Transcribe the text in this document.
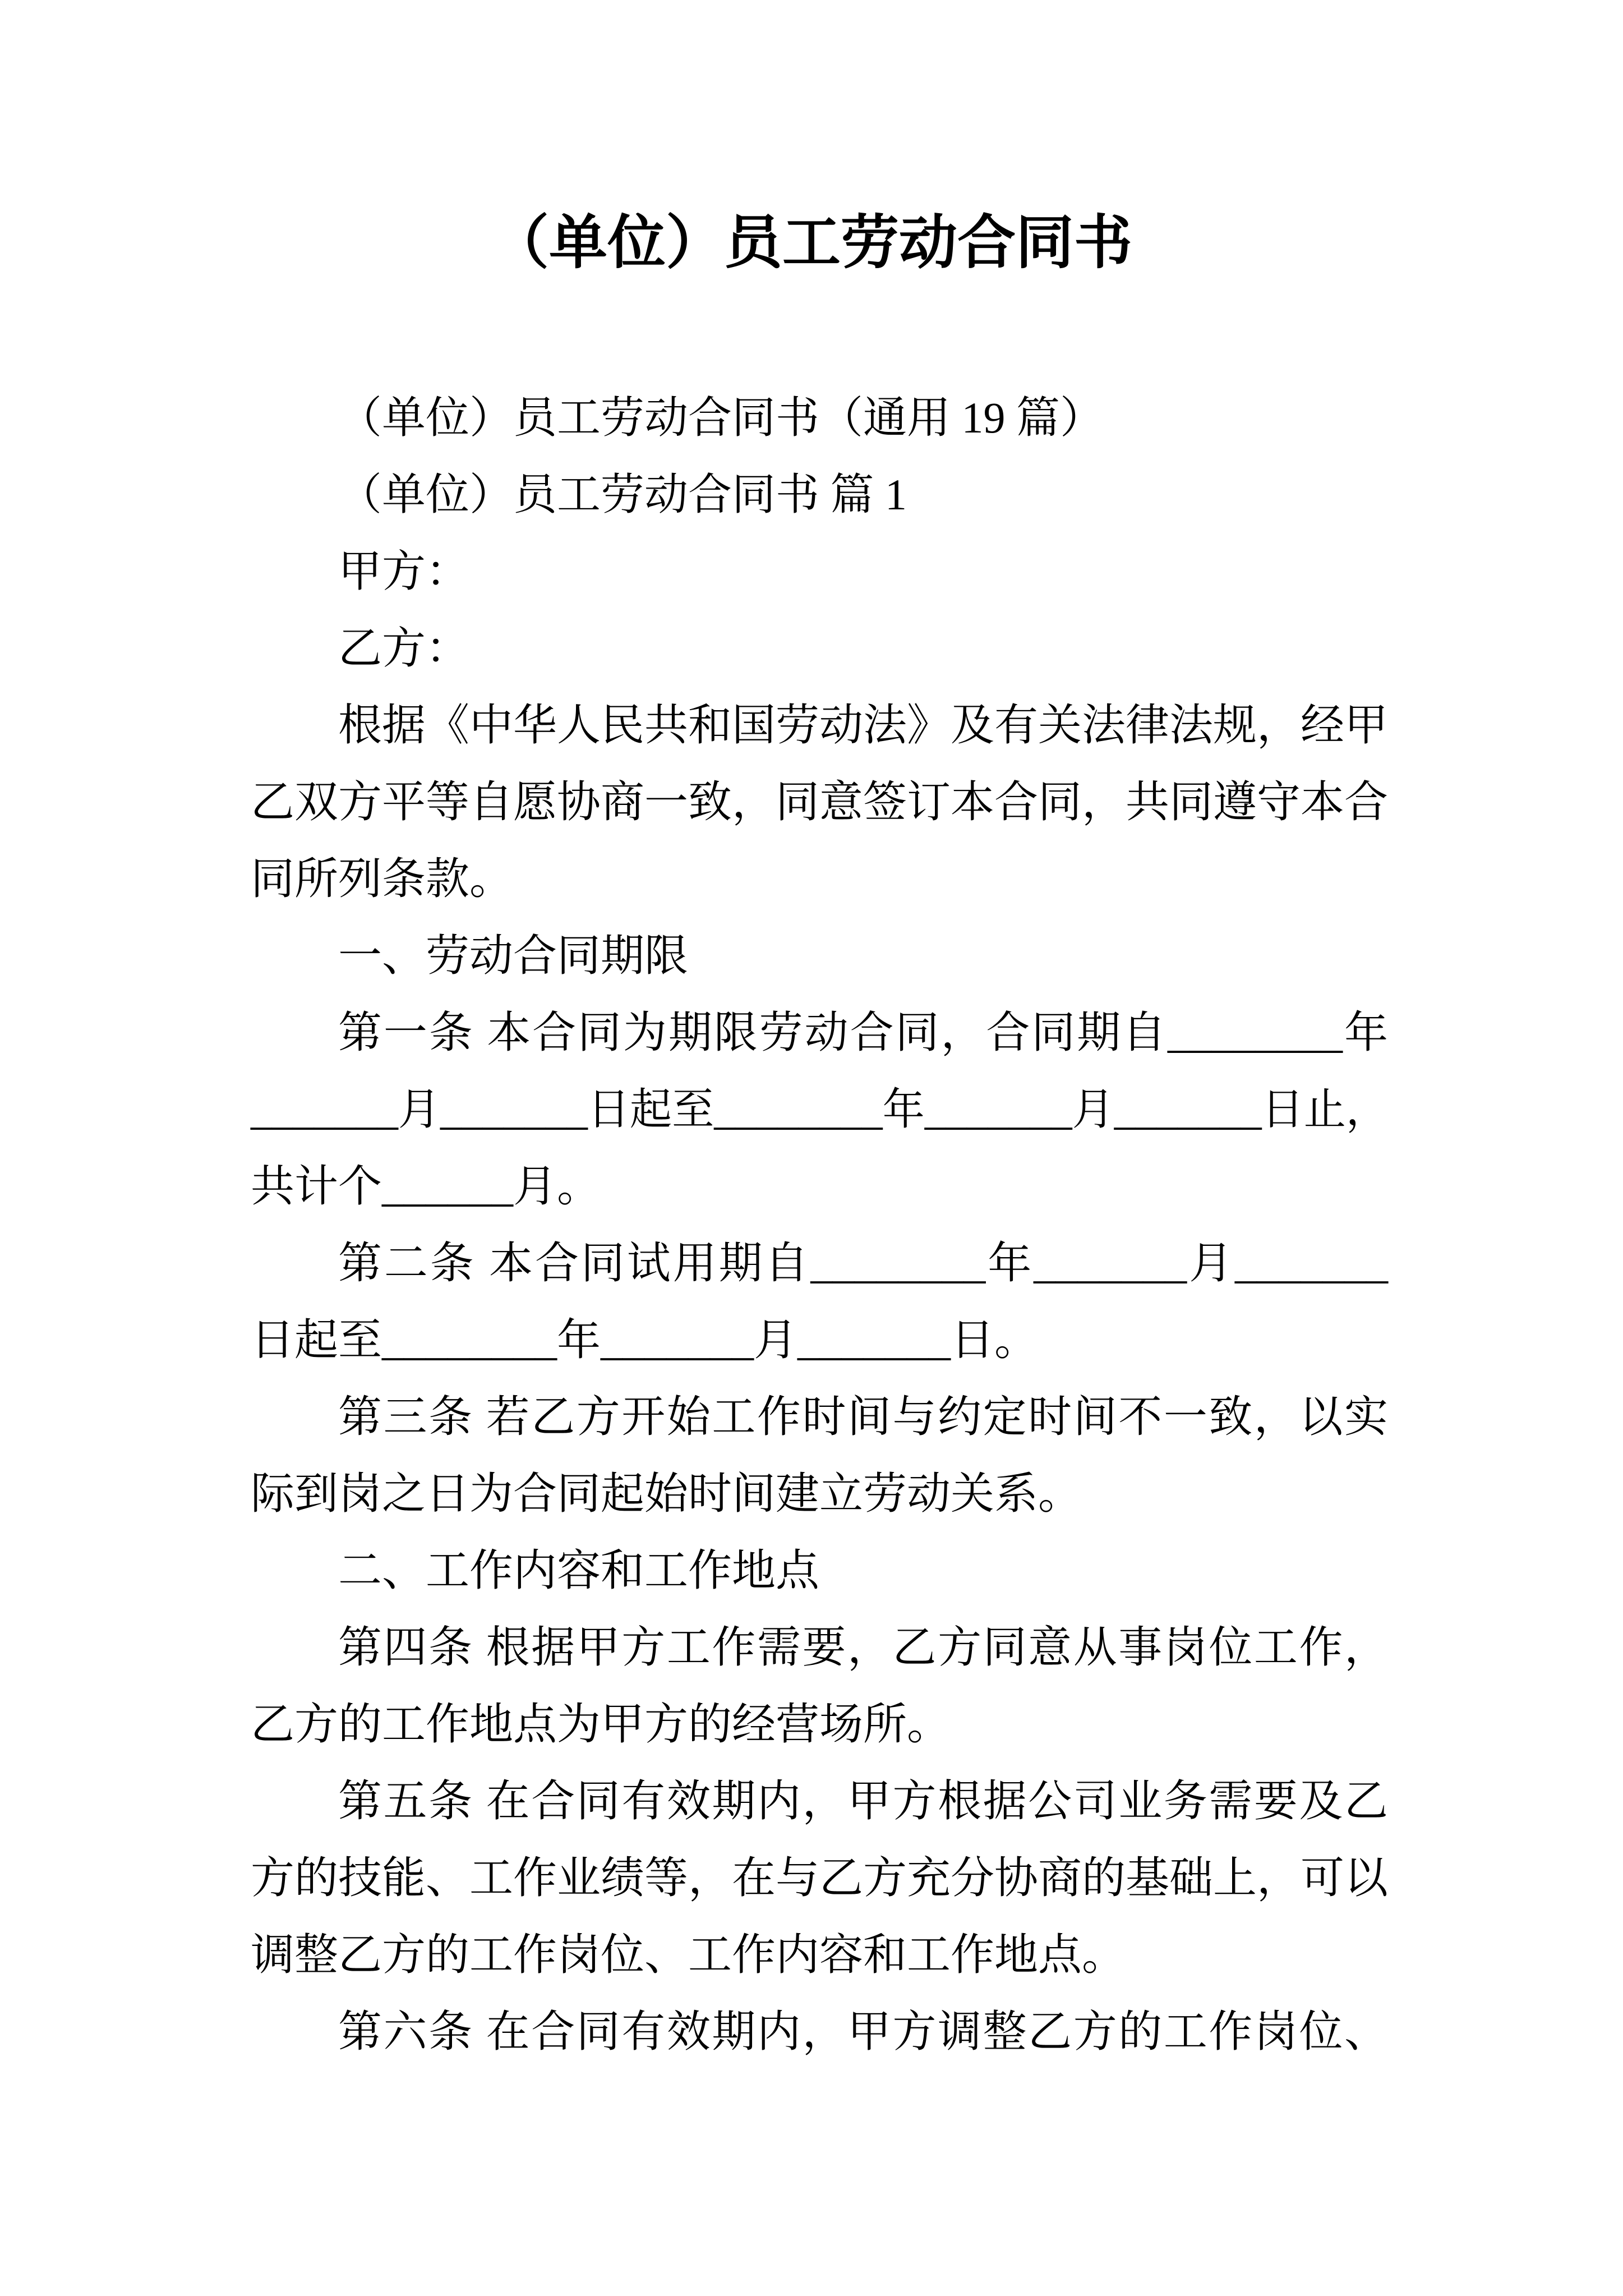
（单位）员工劳动合同书
（单位）员工劳动合同书（通用 19 篇）
（单位）员工劳动合同书 篇 1
甲方：
乙方：
根据《中华人民共和国劳动法》及有关法律法规，经甲
乙双方平等自愿协商一致，同意签订本合同，共同遵守本合
同所列条款。
一、劳动合同期限
第一条 本合同为期限劳动合同，合同期自________年
_______月_______日起至________年_______月_______日止，
共计个______月。
第二条 本合同试用期自________年_______月_______
日起至________年_______月_______日。
第三条 若乙方开始工作时间与约定时间不一致，以实
际到岗之日为合同起始时间建立劳动关系。
二、工作内容和工作地点
第四条 根据甲方工作需要，乙方同意从事岗位工作，
乙方的工作地点为甲方的经营场所。
第五条 在合同有效期内，甲方根据公司业务需要及乙
方的技能、工作业绩等，在与乙方充分协商的基础上，可以
调整乙方的工作岗位、工作内容和工作地点。
第六条 在合同有效期内，甲方调整乙方的工作岗位、
